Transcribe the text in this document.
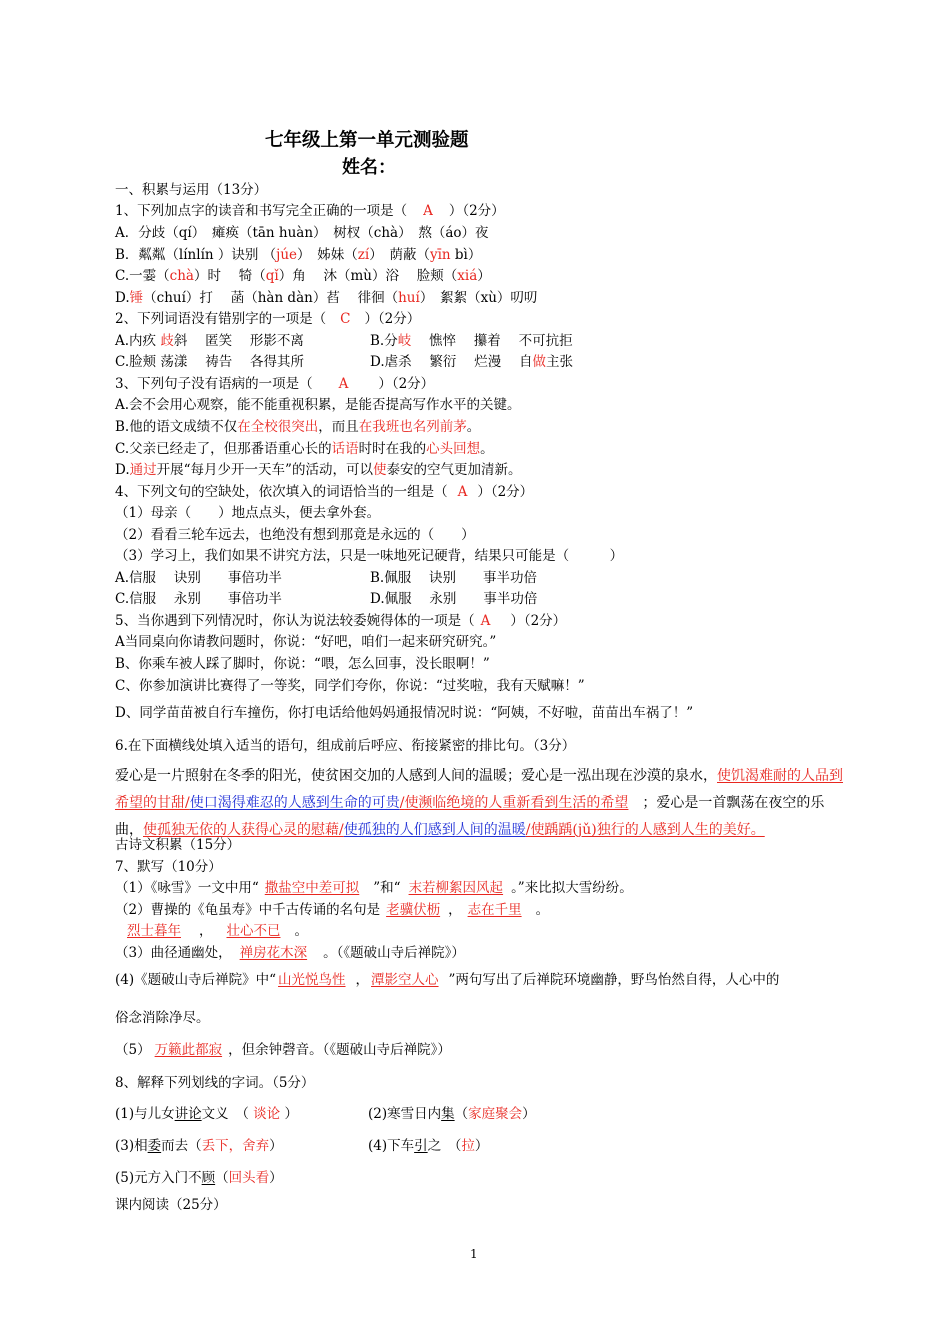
七年级上第一单元测验题
姓名：
一、积累与运用（13分）
1、下列加点字的读音和书写完全正确的一项是（ A ）（2分）
A．分歧（qí）　瘫痪（tān huàn）　树杈（chà）　熬（áo）夜
B．粼粼（línlín ）诀别 （júe）　姊妹（zí）　荫蔽（yīn bì）
C.一霎（chà）时　 犄（qǐ）角　 沐（mù）浴　 脸颊（xiá）
D.锤（chuí）打　 菡（hàn dàn）萏　 徘徊（huí）　絮絮（xù）叨叨
2、下列词语没有错别字的一项是（ C ）（2分）
A.内疚 歧斜　 匿笑　 形影不离	B.分岐　 憔悴　 攥着　 不可抗拒
C.脸颊 荡漾　 祷告　 各得其所	D.虐杀　 繁衍　 烂漫　 自做主张
3、下列句子没有语病的一项是（ A ）（2分）
A.会不会用心观察，能不能重视积累，是能否提高写作水平的关键。
B.他的语文成绩不仅在全校很突出，而且在我班也名列前茅。
C.父亲已经走了，但那番语重心长的话语时时在我的心头回想。
D.通过开展“每月少开一天车”的活动，可以使泰安的空气更加清新。
4、下列文句的空缺处，依次填入的词语恰当的一组是（ A ）（2分）
（1）母亲（　　）地点点头，便去拿外套。
（2）看看三轮车远去，也绝没有想到那竟是永远的（　　）
（3）学习上，我们如果不讲究方法，只是一味地死记硬背，结果只可能是（　　　）
A.信服　 诀别　　事倍功半	B.佩服　 诀别　　事半功倍
C.信服　 永别　　事倍功半	D.佩服　 永别　　事半功倍
5、当你遇到下列情况时，你认为说法较委婉得体的一项是（ A ）（2分）
A当同桌向你请教问题时，你说：“好吧，咱们一起来研究研究。”
B、你乘车被人踩了脚时，你说：“喂，怎么回事，没长眼啊！”
C、你参加演讲比赛得了一等奖，同学们夸你，你说：“过奖啦，我有天赋嘛！”
D、同学苗苗被自行车撞伤，你打电话给他妈妈通报情况时说：“阿姨，不好啦，苗苗出车祸了！”
6.在下面横线处填入适当的语句，组成前后呼应、衔接紧密的排比句。（3分）
爱心是一片照射在冬季的阳光，使贫困交加的人感到人间的温暖；爱心是一泓出现在沙漠的泉水，使饥渴难耐的人品到希望的甘甜/使口渴得难忍的人感到生命的可贵/使濒临绝境的人重新看到生活的希望　；爱心是一首飘荡在夜空的乐曲，使孤独无依的人获得心灵的慰藉/使孤独的人们感到人间的温暖/使踽踽(jǔ)独行的人感到人生的美好。
古诗文积累（15分）
7、默写（10分）
（1）《咏雪》一文中用“ 撒盐空中差可拟 ”和“ 末若柳絮因风起 。”来比拟大雪纷纷。
（2）曹操的《龟虽寿》中千古传诵的名句是 老骥伏枥 ， 志在千里 。
烈士暮年 ， 壮心不已 。
（3）曲径通幽处， 禅房花木深 。（《题破山寺后禅院》）
(4)《题破山寺后禅院》中“ 山光悦鸟性 ， 潭影空人心 ”两句写出了后禅院环境幽静，野鸟怡然自得，人心中的
俗念消除净尽。
（5） 万籁此都寂 ，但余钟磬音。（《题破山寺后禅院》）
8、解释下列划线的字词。（5分）
(1)与儿女讲论文义　（ 谈论 ）	(2)寒雪日内集（家庭聚会）
(3)相委而去（丢下，舍弃）	(4)下车引之　（拉）
(5)元方入门不顾（回头看）
课内阅读（25分）
1
